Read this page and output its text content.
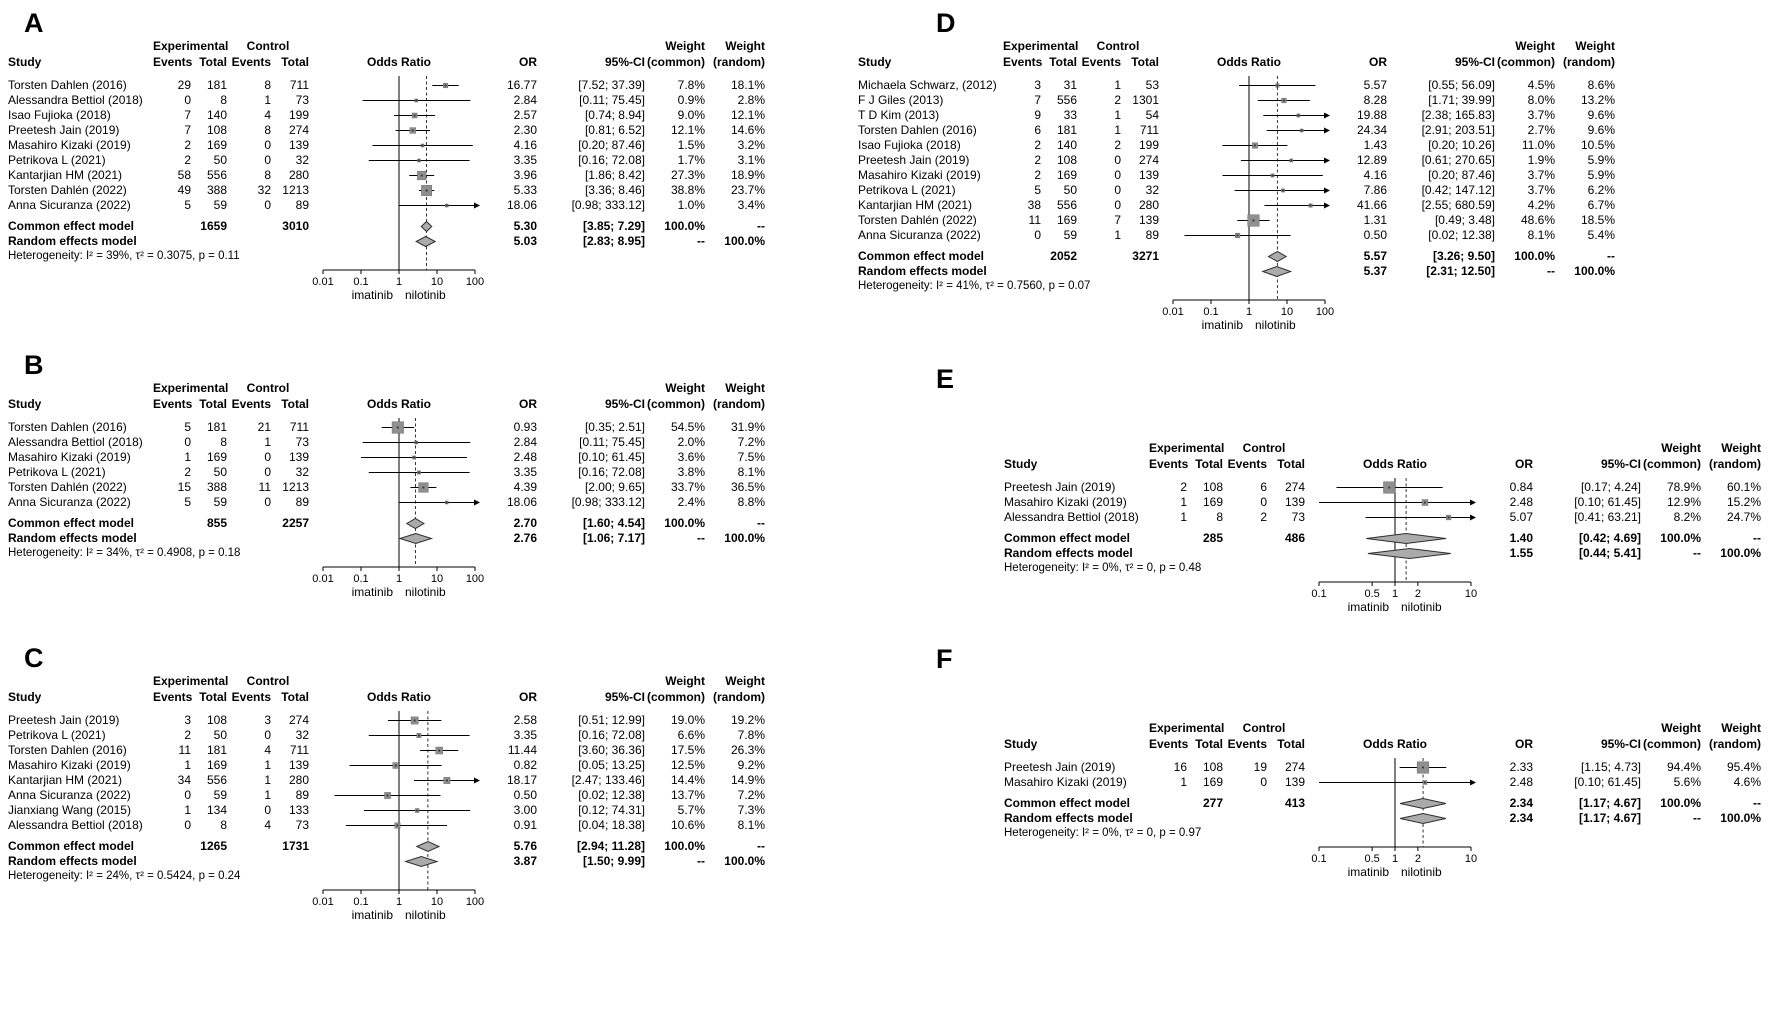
A
Experimental	Control	Weight	Weight
Study	Events Total Events Total	Odds Ratio	OR	95%-CI (common) (random)
Torsten Dahlen (2016)	29	181	8	711	16.77	[7.52; 37.39]	7.8%	18.1%
Alessandra Bettiol (2018)	0	8	1	73	2.84	[0.11; 75.45]	0.9%	2.8%
Isao Fujioka (2018)	7	140	4	199	2.57	[0.74; 8.94]	9.0%	12.1%
Preetesh Jain (2019)	7	108	8	274	2.30	[0.81; 6.52]	12.1%	14.6%
Masahiro Kizaki (2019)	2	169	0	139	4.16	[0.20; 87.46]	1.5%	3.2%
Petrikova L (2021)	2	50	0	32	3.35	[0.16; 72.08]	1.7%	3.1%
Kantarjian HM (2021)	58	556	8	280	3.96	[1.86; 8.42]	27.3%	18.9%
Torsten Dahlén (2022)	49	388	32 1213	5.33	[3.36; 8.46]	38.8%	23.7%
Anna Sicuranza (2022)	5	59	0	89	18.06	[0.98; 333.12]	1.0%	3.4%
Common effect model	1659	3010	5.30	[3.85; 7.29]	100.0%	--
Random effects model	5.03	[2.83; 8.95]	--	100.0%
Heterogeneity: I² = 39%, τ² = 0.3075, p = 0.11
0.01 0.1 1	10 100
imatinib nilotinib
B
Experimental	Control	Weight	Weight
Study	Events Total Events Total	Odds Ratio	OR	95%-CI (common) (random)
Torsten Dahlen (2016)	5	181	21	711	0.93	[0.35; 2.51]	54.5%	31.9%
Alessandra Bettiol (2018)	0	8	1	73	2.84	[0.11; 75.45]	2.0%	7.2%
Masahiro Kizaki (2019)	1	169	0	139	2.48	[0.10; 61.45]	3.6%	7.5%
Petrikova L (2021)	2	50	0	32	3.35	[0.16; 72.08]	3.8%	8.1%
Torsten Dahlén (2022)	15	388	11 1213	4.39	[2.00; 9.65]	33.7%	36.5%
Anna Sicuranza (2022)	5	59	0	89	18.06	[0.98; 333.12]	2.4%	8.8%
Common effect model	855	2257	2.70	[1.60; 4.54]	100.0%	--
Random effects model	2.76	[1.06; 7.17]	--	100.0%
Heterogeneity: I² = 34%, τ² = 0.4908, p = 0.18
0.01 0.1 1	10 100
imatinib nilotinib
C
Experimental	Control	Weight	Weight
Study	Events Total Events Total	Odds Ratio	OR	95%-CI (common) (random)
Preetesh Jain (2019)	3	108	3	274	2.58	[0.51; 12.99]	19.0%	19.2%
Petrikova L (2021)	2	50	0	32	3.35	[0.16; 72.08]	6.6%	7.8%
Torsten Dahlen (2016)	11	181	4	711	11.44	[3.60; 36.36]	17.5%	26.3%
Masahiro Kizaki (2019)	1	169	1	139	0.82	[0.05; 13.25]	12.5%	9.2%
Kantarjian HM (2021)	34	556	1	280	18.17	[2.47; 133.46]	14.4%	14.9%
Anna Sicuranza (2022)	0	59	1	89	0.50	[0.02; 12.38]	13.7%	7.2%
Jianxiang Wang (2015)	1	134	0	133	3.00	[0.12; 74.31]	5.7%	7.3%
Alessandra Bettiol (2018)	0	8	4	73	0.91	[0.04; 18.38]	10.6%	8.1%
Common effect model	1265	1731	5.76	[2.94; 11.28]	100.0%	--
Random effects model	3.87	[1.50; 9.99]	--	100.0%
Heterogeneity: I² = 24%, τ² = 0.5424, p = 0.24
0.01 0.1 1	10 100
imatinib nilotinib
D
Experimental	Control	Weight	Weight
Study	Events Total Events Total	Odds Ratio	OR	95%-CI (common) (random)
Michaela Schwarz, (2012)	3	31	1	53	5.57	[0.55; 56.09]	4.5%	8.6%
F J Giles (2013)	7	556	2 1301	8.28	[1.71; 39.99]	8.0%	13.2%
T D Kim (2013)	9	33	1	54	19.88	[2.38; 165.83]	3.7%	9.6%
Torsten Dahlen (2016)	6	181	1	711	24.34	[2.91; 203.51]	2.7%	9.6%
Isao Fujioka (2018)	2	140	2	199	1.43	[0.20; 10.26]	11.0%	10.5%
Preetesh Jain (2019)	2	108	0	274	12.89	[0.61; 270.65]	1.9%	5.9%
Masahiro Kizaki (2019)	2	169	0	139	4.16	[0.20; 87.46]	3.7%	5.9%
Petrikova L (2021)	5	50	0	32	7.86	[0.42; 147.12]	3.7%	6.2%
Kantarjian HM (2021)	38	556	0	280	41.66	[2.55; 680.59]	4.2%	6.7%
Torsten Dahlén (2022)	11	169	7	139	1.31	[0.49; 3.48]	48.6%	18.5%
Anna Sicuranza (2022)	0	59	1	89	0.50	[0.02; 12.38]	8.1%	5.4%
Common effect model	2052	3271	5.57	[3.26; 9.50]	100.0%	--
Random effects model	5.37	[2.31; 12.50]	--	100.0%
Heterogeneity: I² = 41%, τ² = 0.7560, p = 0.07
0.01 0.1 1	10 100
imatinib nilotinib
E
Experimental	Control	Weight	Weight
Study	Events Total Events Total	Odds Ratio	OR	95%-CI (common) (random)
Preetesh Jain (2019)	2	108	6	274	0.84	[0.17; 4.24]	78.9%	60.1%
Masahiro Kizaki (2019)	1	169	0	139	2.48	[0.10; 61.45]	12.9%	15.2%
Alessandra Bettiol (2018)	1	8	2	73	5.07	[0.41; 63.21]	8.2%	24.7%
Common effect model	285	486	1.40	[0.42; 4.69]	100.0%	--
Random effects model	1.55	[0.44; 5.41]	--	100.0%
Heterogeneity: I² = 0%, τ² = 0, p = 0.48
0.1	0.5 1 2	10
imatinib nilotinib
F
Experimental	Control	Weight	Weight
Study	Events Total Events Total	Odds Ratio	OR	95%-CI (common) (random)
Preetesh Jain (2019)	16	108	19	274	2.33	[1.15; 4.73]	94.4%	95.4%
Masahiro Kizaki (2019)	1	169	0	139	2.48	[0.10; 61.45]	5.6%	4.6%
Common effect model	277	413	2.34	[1.17; 4.67]	100.0%	--
Random effects model	2.34	[1.17; 4.67]	--	100.0%
Heterogeneity: I² = 0%, τ² = 0, p = 0.97
0.1	0.5 1 2	10
imatinib nilotinib
